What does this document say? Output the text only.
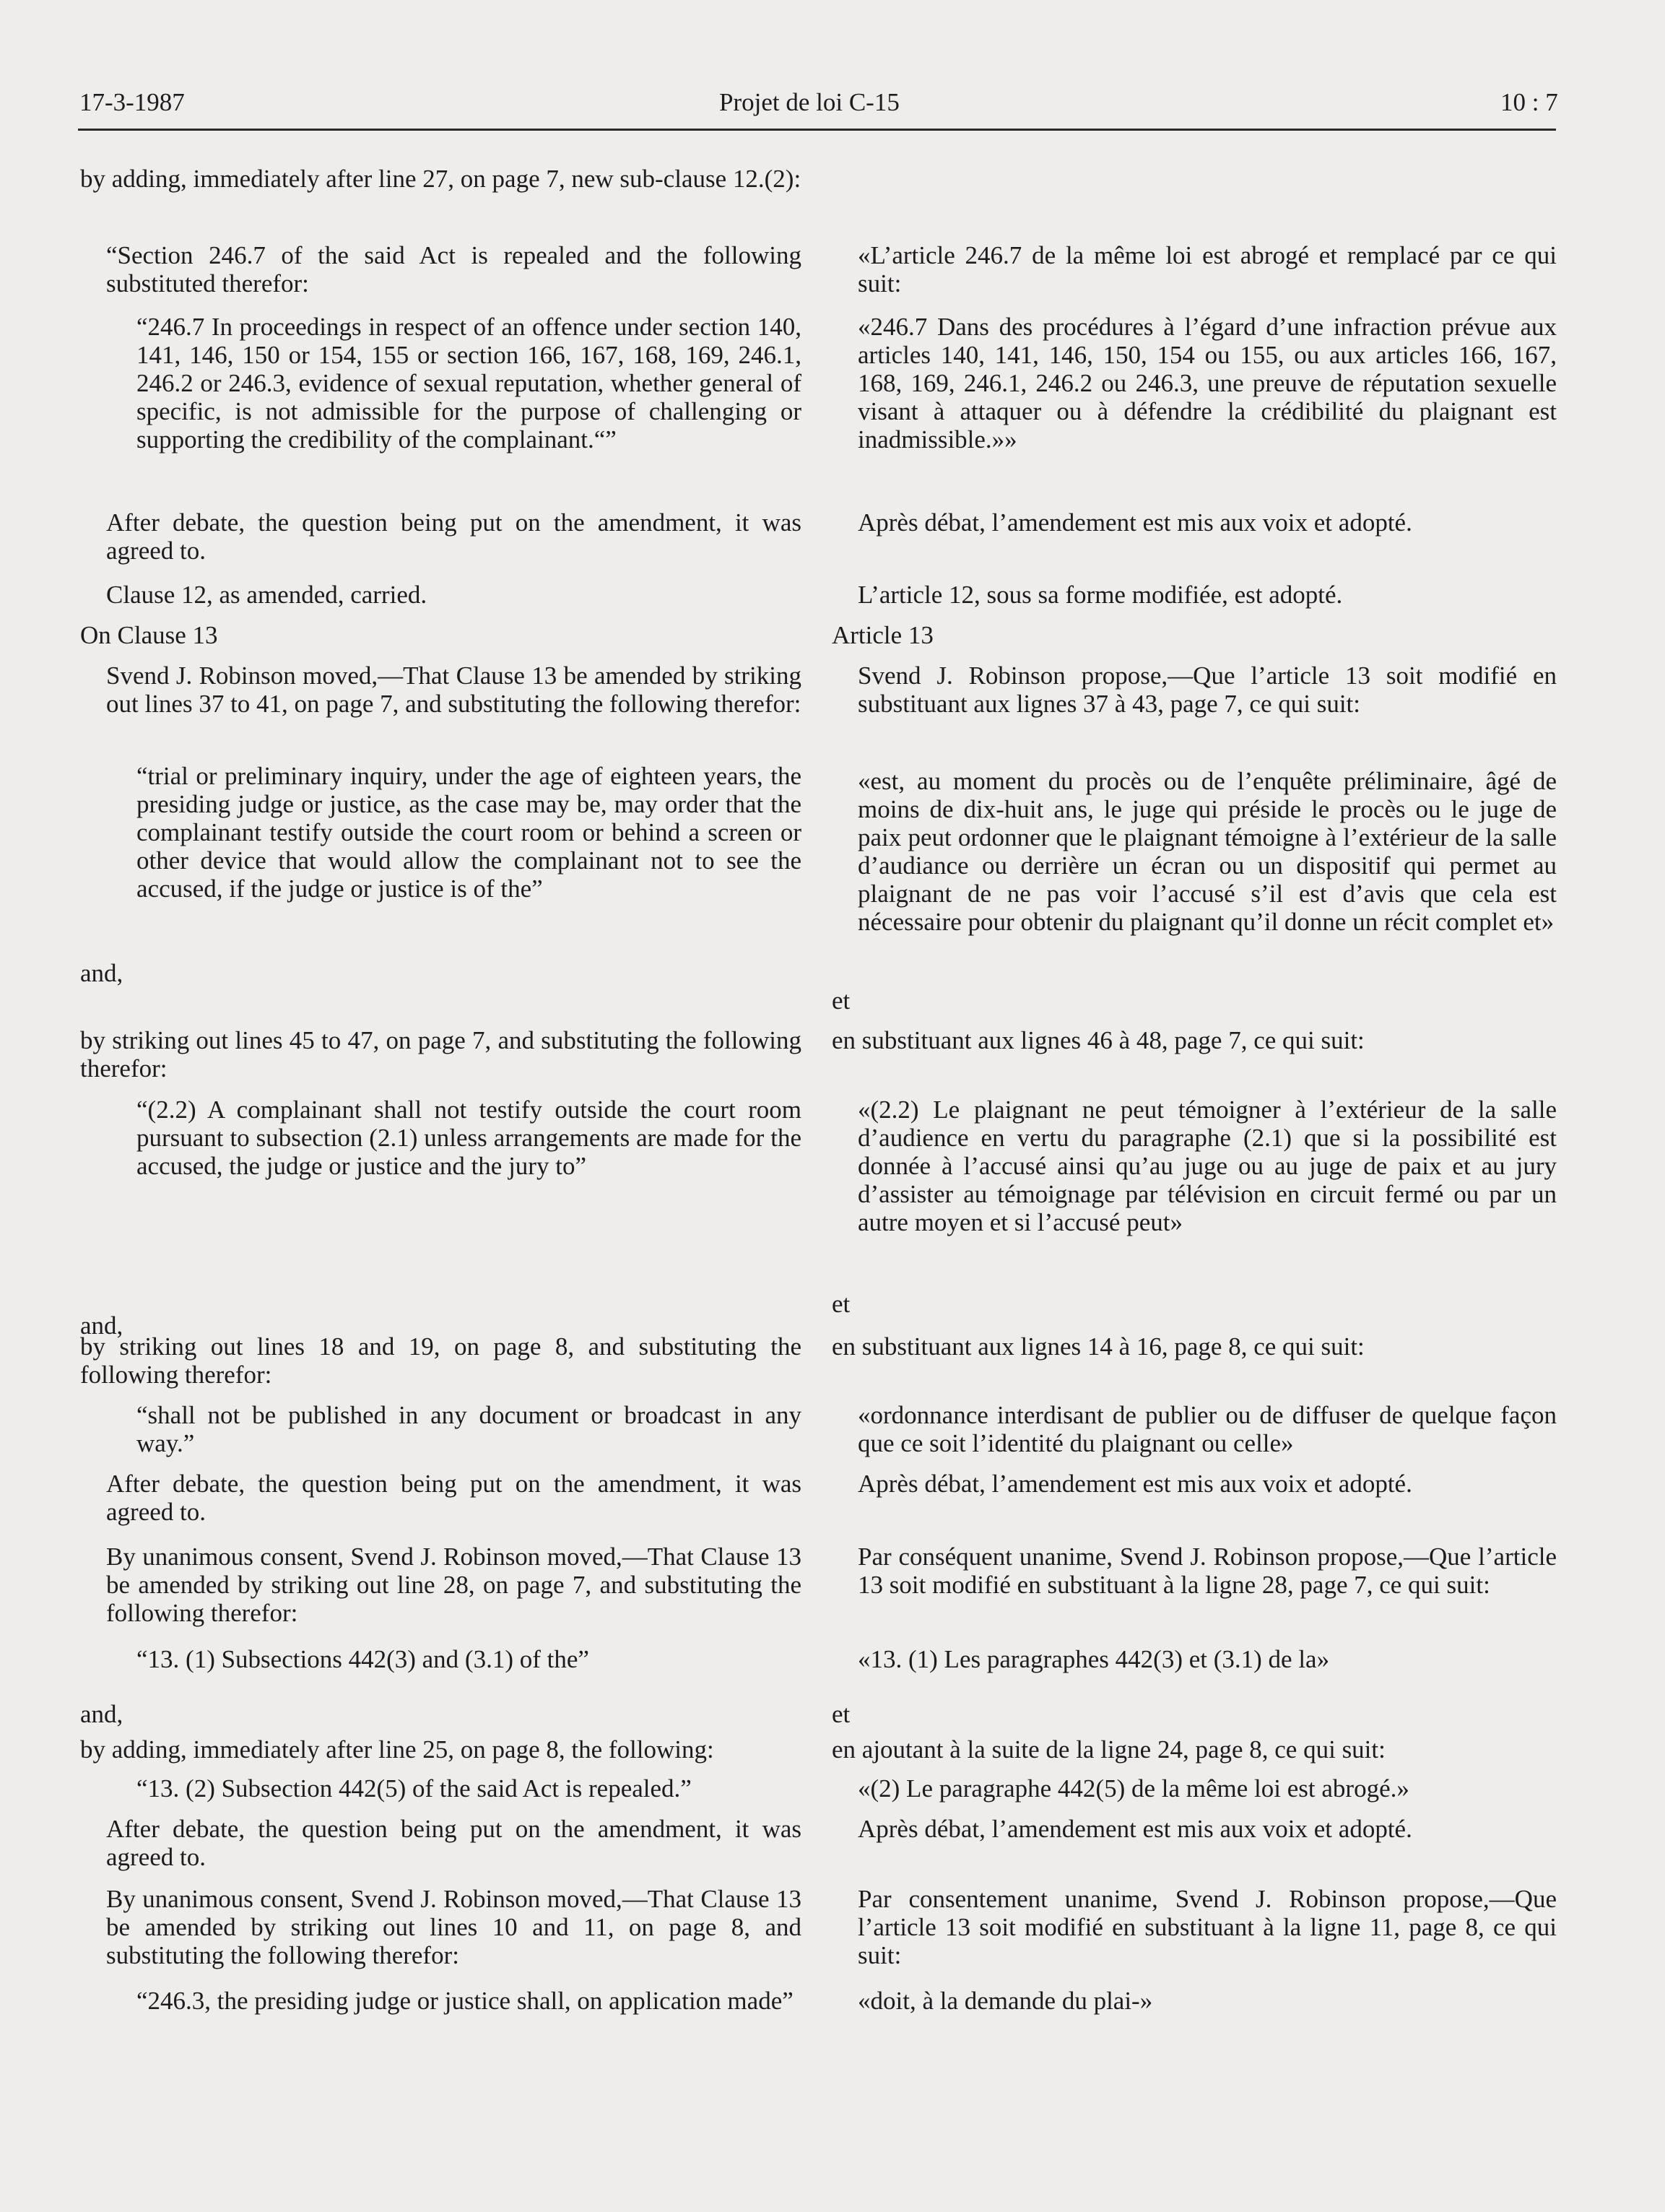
17-3-1987	Projet de loi C-15	10 : 7

by adding, immediately after line 27, on page 7, new sub-clause 12.(2):

“Section 246.7 of the said Act is repealed and the following substituted therefor:

“246.7 In proceedings in respect of an offence under section 140, 141, 146, 150 or 154, 155 or section 166, 167, 168, 169, 246.1, 246.2 or 246.3, evidence of sexual reputation, whether general of specific, is not admissible for the purpose of challenging or supporting the credibility of the complainant.“”

After debate, the question being put on the amendment, it was agreed to.

Clause 12, as amended, carried.

On Clause 13

Svend J. Robinson moved,—That Clause 13 be amended by striking out lines 37 to 41, on page 7, and substituting the following therefor:

“trial or preliminary inquiry, under the age of eighteen years, the presiding judge or justice, as the case may be, may order that the complainant testify outside the court room or behind a screen or other device that would allow the complainant not to see the accused, if the judge or justice is of the”

and,

by striking out lines 45 to 47, on page 7, and substituting the following therefor:

“(2.2) A complainant shall not testify outside the court room pursuant to subsection (2.1) unless arrangements are made for the accused, the judge or justice and the jury to”

and,

by striking out lines 18 and 19, on page 8, and substituting the following therefor:

“shall not be published in any document or broadcast in any way.”

After debate, the question being put on the amendment, it was agreed to.

By unanimous consent, Svend J. Robinson moved,—That Clause 13 be amended by striking out line 28, on page 7, and substituting the following therefor:

“13. (1) Subsections 442(3) and (3.1) of the”

and,

by adding, immediately after line 25, on page 8, the following:

“13. (2) Subsection 442(5) of the said Act is repealed.”

After debate, the question being put on the amendment, it was agreed to.

By unanimous consent, Svend J. Robinson moved,—That Clause 13 be amended by striking out lines 10 and 11, on page 8, and substituting the following therefor:

“246.3, the presiding judge or justice shall, on application made”

«L’article 246.7 de la même loi est abrogé et remplacé par ce qui suit:

«246.7 Dans des procédures à l’égard d’une infraction prévue aux articles 140, 141, 146, 150, 154 ou 155, ou aux articles 166, 167, 168, 169, 246.1, 246.2 ou 246.3, une preuve de réputation sexuelle visant à attaquer ou à défendre la crédibilité du plaignant est inadmissible.»»

Après débat, l’amendement est mis aux voix et adopté.

L’article 12, sous sa forme modifiée, est adopté.

Article 13

Svend J. Robinson propose,—Que l’article 13 soit modifié en substituant aux lignes 37 à 43, page 7, ce qui suit:

«est, au moment du procès ou de l’enquête préliminaire, âgé de moins de dix-huit ans, le juge qui préside le procès ou le juge de paix peut ordonner que le plaignant témoigne à l’extérieur de la salle d’audiance ou derrière un écran ou un dispositif qui permet au plaignant de ne pas voir l’accusé s’il est d’avis que cela est nécessaire pour obtenir du plaignant qu’il donne un récit complet et»

et

en substituant aux lignes 46 à 48, page 7, ce qui suit:

«(2.2) Le plaignant ne peut témoigner à l’extérieur de la salle d’audience en vertu du paragraphe (2.1) que si la possibilité est donnée à l’accusé ainsi qu’au juge ou au juge de paix et au jury d’assister au témoignage par télévision en circuit fermé ou par un autre moyen et si l’accusé peut»

et

en substituant aux lignes 14 à 16, page 8, ce qui suit:

«ordonnance interdisant de publier ou de diffuser de quelque façon que ce soit l’identité du plaignant ou celle»

Après débat, l’amendement est mis aux voix et adopté.

Par conséquent unanime, Svend J. Robinson propose,—Que l’article 13 soit modifié en substituant à la ligne 28, page 7, ce qui suit:

«13. (1) Les paragraphes 442(3) et (3.1) de la»

et

en ajoutant à la suite de la ligne 24, page 8, ce qui suit:

«(2) Le paragraphe 442(5) de la même loi est abrogé.»

Après débat, l’amendement est mis aux voix et adopté.

Par consentement unanime, Svend J. Robinson propose,—Que l’article 13 soit modifié en substituant à la ligne 11, page 8, ce qui suit:

«doit, à la demande du plai-»
